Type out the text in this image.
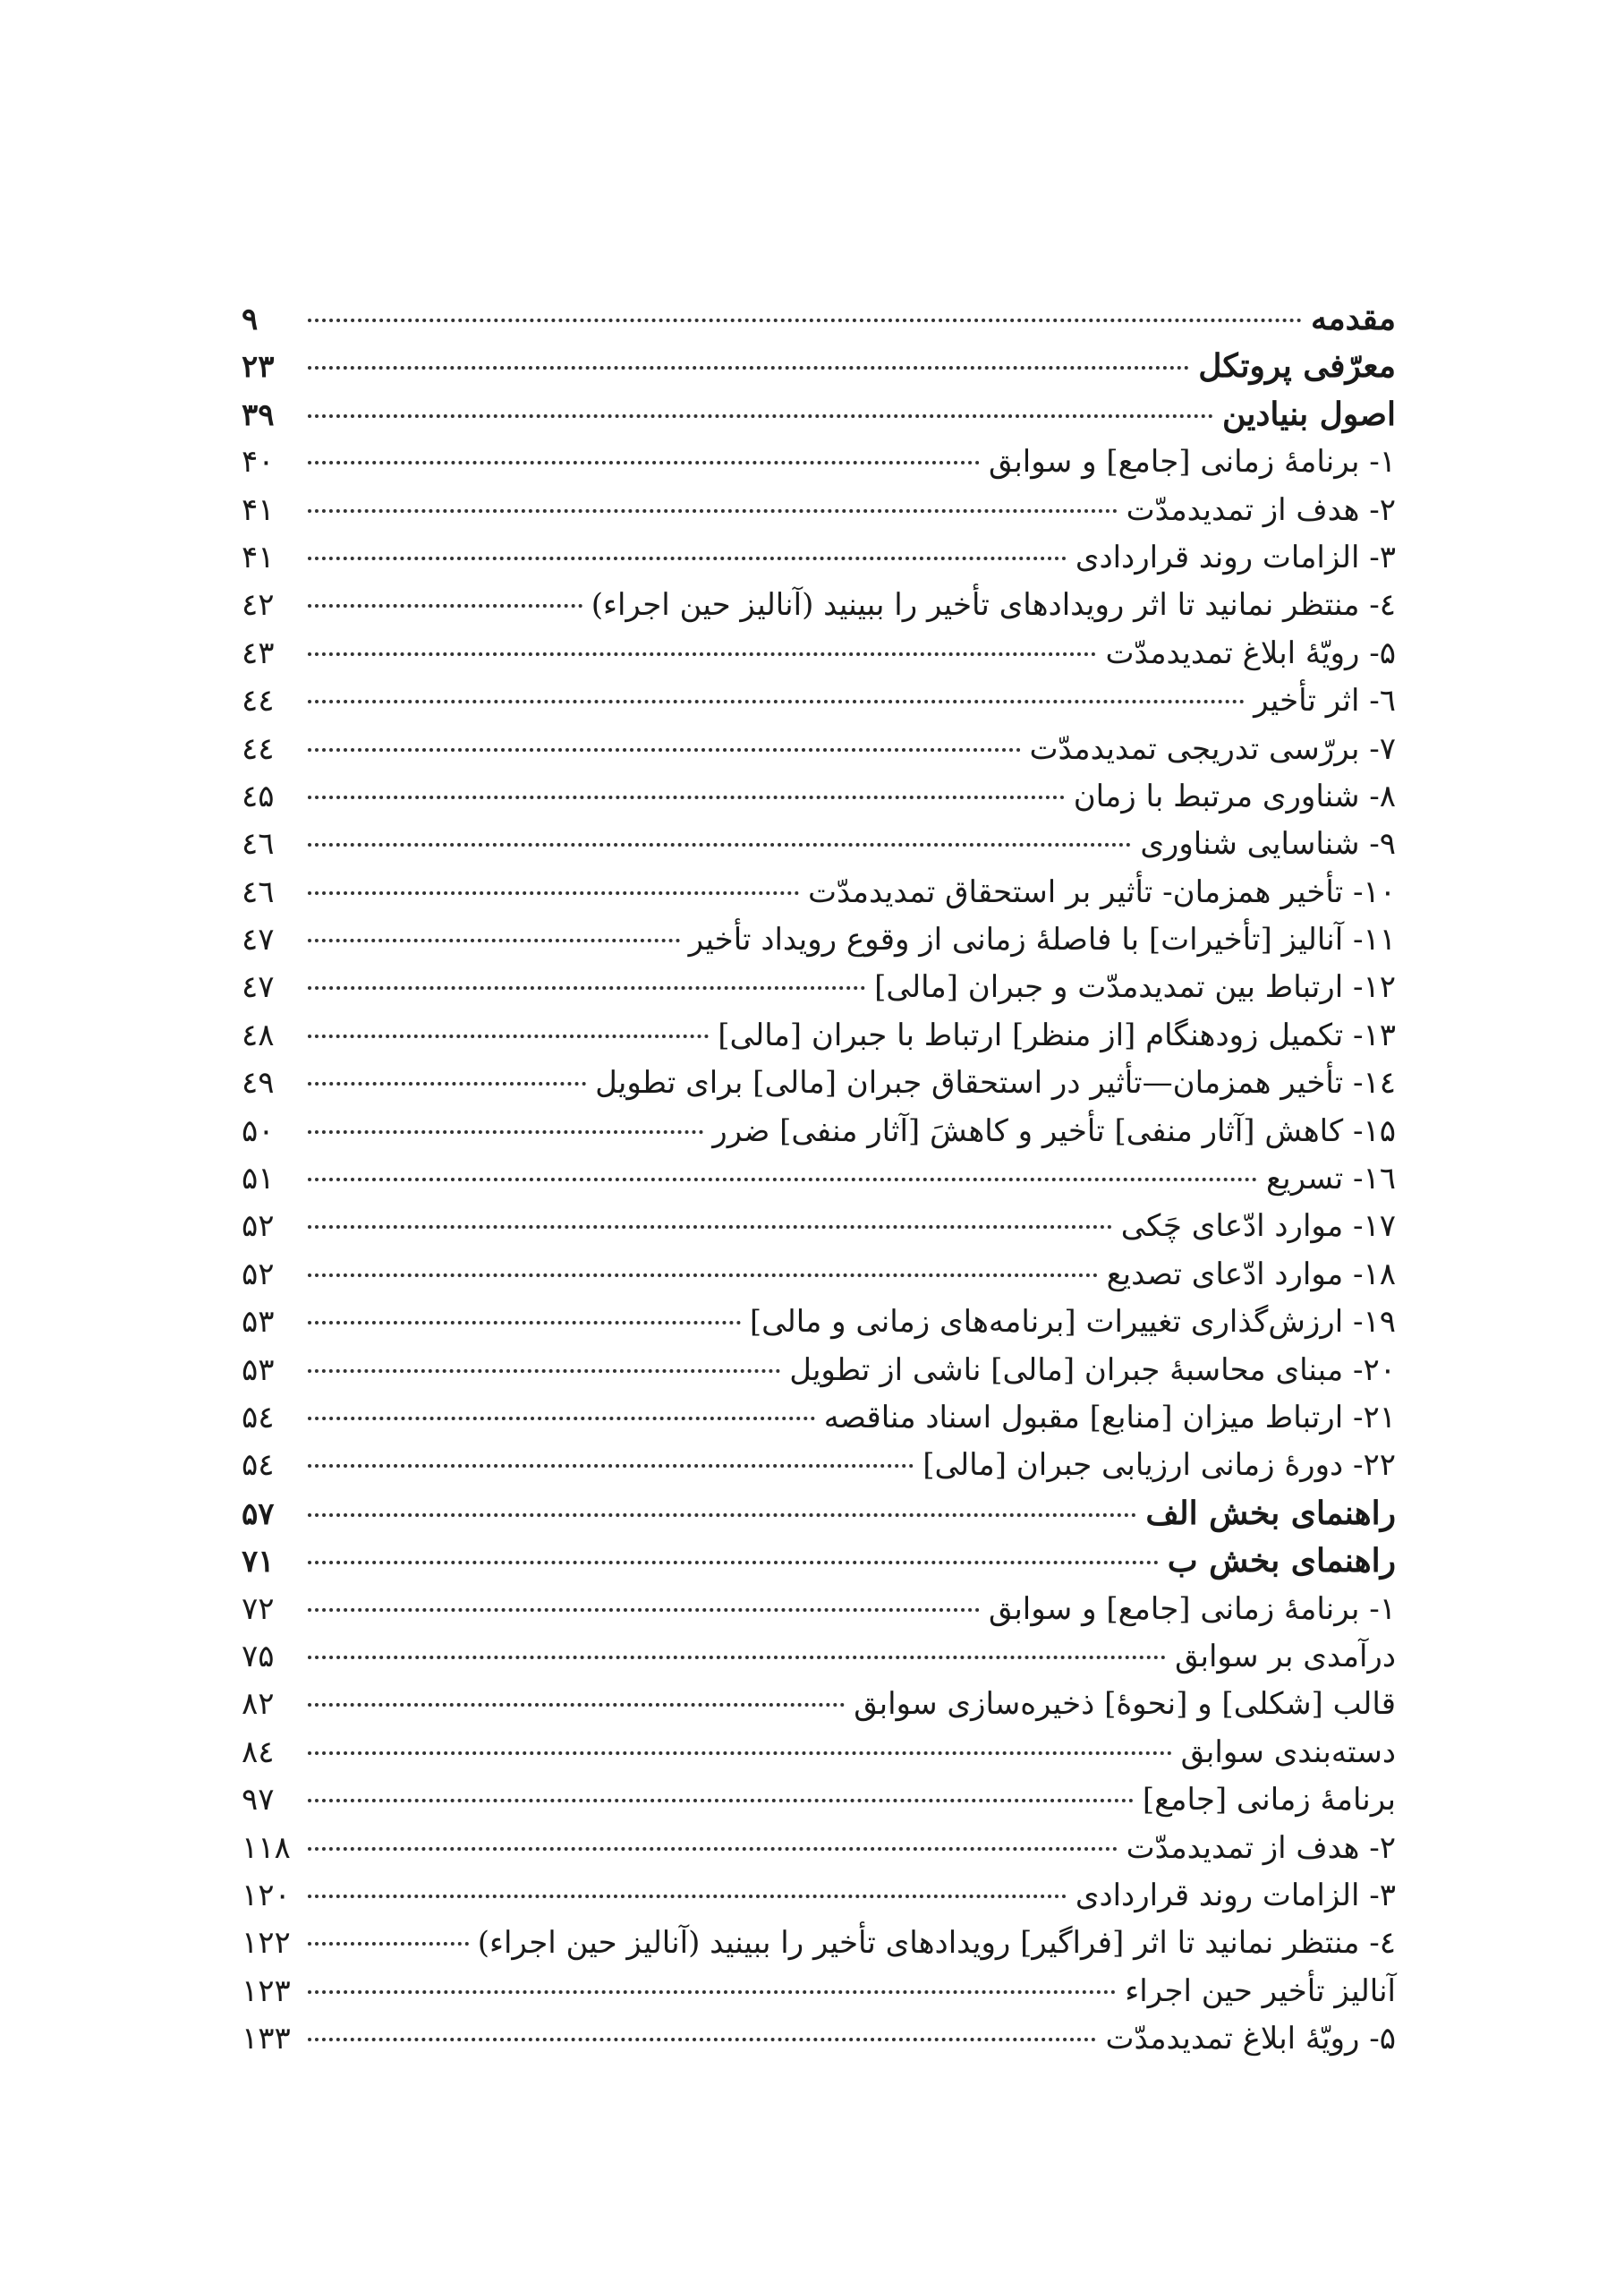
مقدمه
۹
معرّفی پروتکل
۲۳
اصول بنیادین
۳۹
۱- برنامهٔ زمانی [جامع] و سوابق
۴۰
۲- هدف از تمدیدمدّت
۴۱
۳- الزامات روند قراردادی
۴۱
٤- منتظر نمانید تا اثر رویدادهای تأخیر را ببینید (آنالیز حین اجراء)
٤۲
۵- رویّهٔ ابلاغ تمدیدمدّت
٤۳
٦- اثر تأخیر
٤٤
۷- بررّسی تدریجی تمدیدمدّت
٤٤
۸- شناوری مرتبط با زمان
٤۵
۹- شناسایی شناوری
٤٦
۱۰- تأخیر همزمان- تأثیر بر استحقاق تمدیدمدّت
٤٦
۱۱- آنالیز [تأخیرات] با فاصلهٔ زمانی از وقوع رویداد تأخیر
٤۷
۱۲- ارتباط بین تمدیدمدّت و جبران [مالی]
٤۷
۱۳- تکمیل زودهنگام [از منظر] ارتباط با جبران [مالی]
٤۸
١٤- تأخیر همزمان—تأثیر در استحقاق جبران [مالی] برای تطویل
٤۹
۱۵- کاهش [آثار منفی] تأخیر و کاهشَ [آثار منفی] ضرر
۵۰
۱٦- تسریع
۵۱
۱۷- موارد ادّعای چَکی
۵۲
۱۸- موارد ادّعای تصدیع
۵۲
۱۹- ارزش‌گذاری تغییرات [برنامه‌های زمانی و مالی]
۵۳
۲۰- مبنای محاسبهٔ جبران [مالی] ناشی از تطویل
۵۳
۲۱- ارتباط میزان [منابع] مقبول اسناد مناقصه
۵٤
۲۲- دورهٔ زمانی ارزیابی جبران [مالی]
۵٤
راهنمای بخش الف
۵۷
راهنمای بخش ب
۷۱
۱- برنامهٔ زمانی [جامع] و سوابق
۷۲
درآمدی بر سوابق
۷۵
قالب [شکلی] و [نحوهٔ] ذخیره‌سازی سوابق
۸۲
دسته‌بندی سوابق
۸٤
برنامهٔ زمانی [جامع]
۹۷
۲- هدف از تمدیدمدّت
۱۱۸
۳- الزامات روند قراردادی
۱۲۰
٤- منتظر نمانید تا اثر [فراگیر] رویدادهای تأخیر را ببینید (آنالیز حین اجراء)
۱۲۲
آنالیز تأخیر حین اجراء
۱۲۳
۵- رویّهٔ ابلاغ تمدیدمدّت
۱۳۳
